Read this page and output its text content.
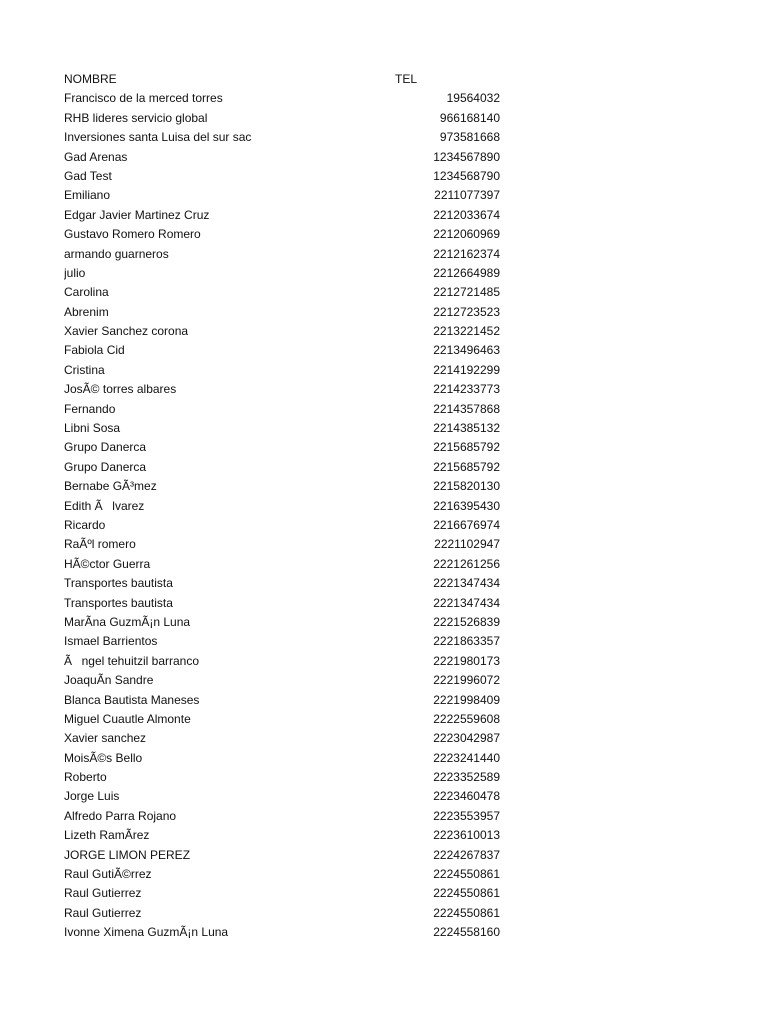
NOMBRE	TEL
Francisco de la merced torres	19564032
RHB lideres servicio global	966168140
Inversiones santa Luisa del sur sac	973581668
Gad Arenas	1234567890
Gad Test	1234568790
Emiliano	2211077397
Edgar Javier Martinez Cruz	2212033674
Gustavo Romero Romero	2212060969
armando guarneros	2212162374
julio	2212664989
Carolina	2212721485
Abrenim	2212723523
Xavier Sanchez corona	2213221452
Fabiola Cid	2213496463
Cristina	2214192299
JosÃ© torres albares	2214233773
Fernando	2214357868
Libni Sosa	2214385132
Grupo Danerca	2215685792
Grupo Danerca	2215685792
Bernabe GÃ³mez	2215820130
Edith Ãlvarez	2216395430
Ricardo	2216676974
RaÃºl romero	2221102947
HÃ©ctor Guerra	2221261256
Transportes bautista	2221347434
Transportes bautista	2221347434
MarÃna GuzmÃ¡n Luna	2221526839
Ismael Barrientos	2221863357
Ãngel tehuitzil barranco	2221980173
JoaquÃn Sandre	2221996072
Blanca Bautista Maneses	2221998409
Miguel Cuautle Almonte	2222559608
Xavier sanchez	2223042987
MoisÃ©s Bello	2223241440
Roberto	2223352589
Jorge Luis	2223460478
Alfredo Parra Rojano	2223553957
Lizeth RamÃrez	2223610013
JORGE LIMON PEREZ	2224267837
Raul GutiÃ©rrez	2224550861
Raul Gutierrez	2224550861
Raul Gutierrez	2224550861
Ivonne Ximena GuzmÃ¡n Luna	2224558160
